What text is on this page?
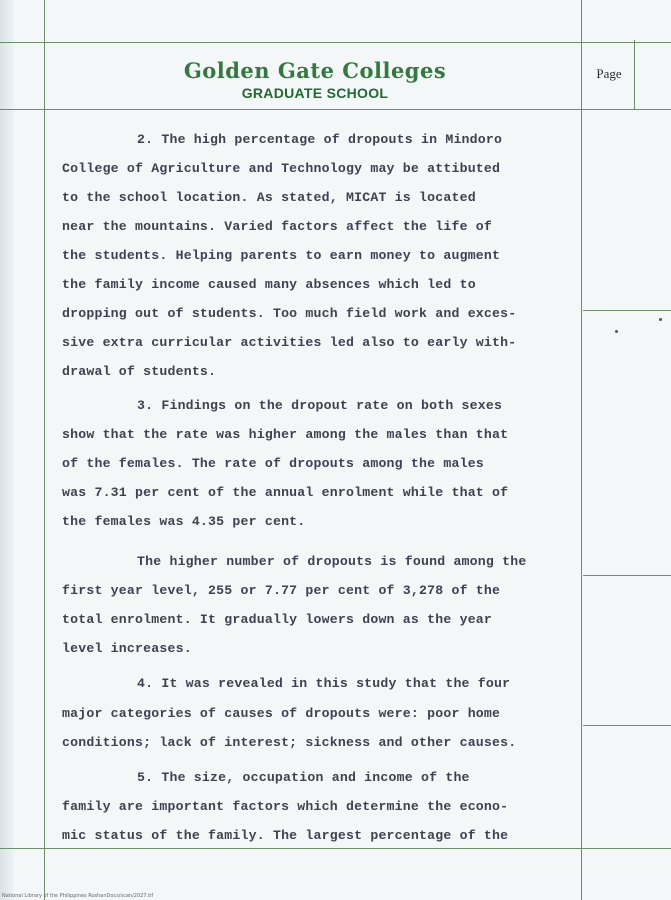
Golden Gate Colleges
GRADUATE SCHOOL
Page
2. The high percentage of dropouts in Mindoro
College of Agriculture and Technology may be attibuted
to the school location. As stated, MICAT is located
near the mountains. Varied factors affect the life of
the students. Helping parents to earn money to augment
the family income caused many absences which led to
dropping out of students. Too much field work and exces-
sive extra curricular activities led also to early with-
drawal of students.
3. Findings on the dropout rate on both sexes
show that the rate was higher among the males than that
of the females. The rate of dropouts among the males
was 7.31 per cent of the annual enrolment while that of
the females was 4.35 per cent.
The higher number of dropouts is found among the
first year level, 255 or 7.77 per cent of 3,278 of the
total enrolment. It gradually lowers down as the year
level increases.
4. It was revealed in this study that the four
major categories of causes of dropouts were: poor home
conditions; lack of interest; sickness and other causes.
5. The size, occupation and income of the
family are important factors which determine the econo-
mic status of the family. The largest percentage of the
National Library of the Philippines RoshanDocs/scan/2027.tif
